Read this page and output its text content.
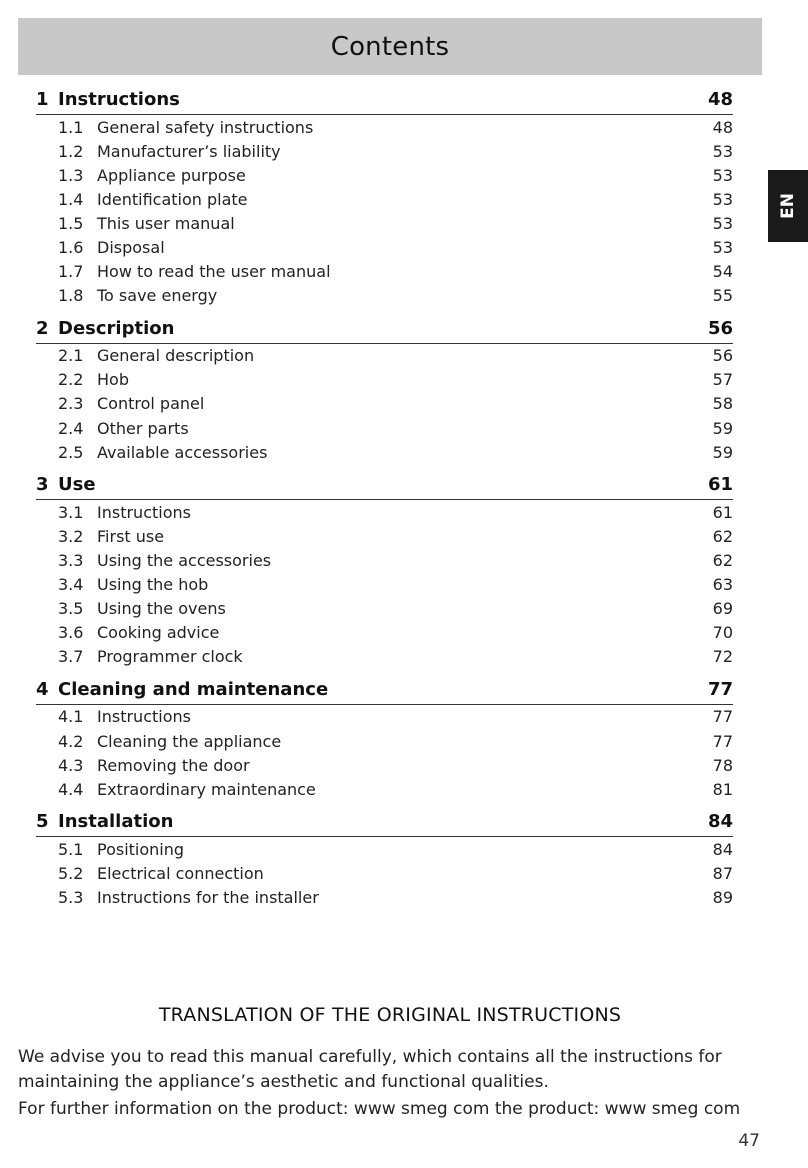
Contents
EN
1 Instructions	48
1.1 General safety instructions	48
1.2 Manufacturer’s liability	53
1.3 Appliance purpose	53
1.4 Identification plate	53
1.5 This user manual	53
1.6 Disposal	53
1.7 How to read the user manual	54
1.8 To save energy	55
2 Description	56
2.1 General description	56
2.2 Hob	57
2.3 Control panel	58
2.4 Other parts	59
2.5 Available accessories	59
3 Use	61
3.1 Instructions	61
3.2 First use	62
3.3 Using the accessories	62
3.4 Using the hob	63
3.5 Using the ovens	69
3.6 Cooking advice	70
3.7 Programmer clock	72
4 Cleaning and maintenance	77
4.1 Instructions	77
4.2 Cleaning the appliance	77
4.3 Removing the door	78
4.4 Extraordinary maintenance	81
5 Installation	84
5.1 Positioning	84
5.2 Electrical connection	87
5.3 Instructions for the installer	89
TRANSLATION OF THE ORIGINAL INSTRUCTIONS
We advise you to read this manual carefully, which contains all the instructions for maintaining the appliance’s aesthetic and functional qualities.
For further information on the product: www smeg com the product: www smeg com
47
